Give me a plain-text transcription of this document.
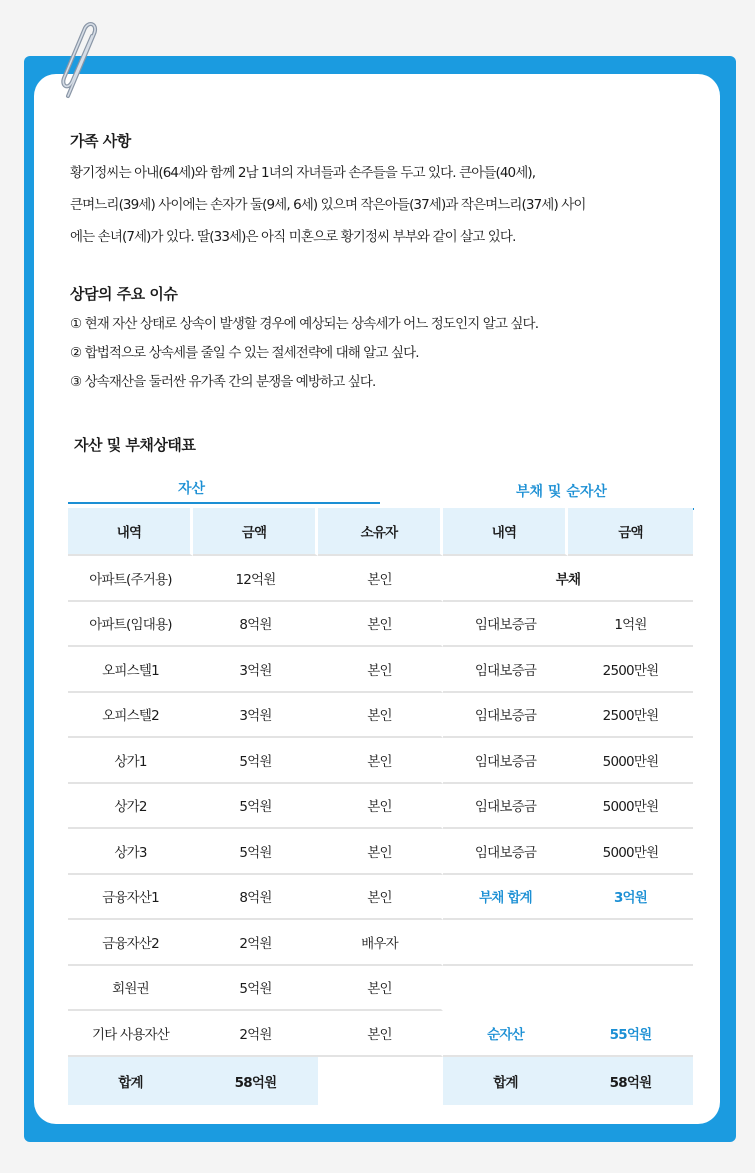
가족 사항

황기정씨는 아내(64세)와 함께 2남 1녀의 자녀들과 손주들을 두고 있다. 큰아들(40세),

큰며느리(39세) 사이에는 손자가 둘(9세, 6세) 있으며 작은아들(37세)과 작은며느리(37세) 사이

에는 손녀(7세)가 있다. 딸(33세)은 아직 미혼으로 황기정씨 부부와 같이 살고 있다.

상담의 주요 이슈
① 현재 자산 상태로 상속이 발생할 경우에 예상되는 상속세가 어느 정도인지 알고 싶다.
② 합법적으로 상속세를 줄일 수 있는 절세전략에 대해 알고 싶다.
③ 상속재산을 둘러싼 유가족 간의 분쟁을 예방하고 싶다.
자산 및 부채상태표
자산	부채 및 순자산
내역	금액	소유자	내역	금액
아파트(주거용)	12억원	본인	부채	
아파트(임대용)	8억원	본인	임대보증금	1억원
오피스텔1	3억원	본인	임대보증금	2500만원
오피스텔2	3억원	본인	임대보증금	2500만원
상가1	5억원	본인	임대보증금	5000만원
상가2	5억원	본인	임대보증금	5000만원
상가3	5억원	본인	임대보증금	5000만원
금융자산1	8억원	본인	부채 합계	3억원
금융자산2	2억원	배우자		
회원권	5억원	본인		
기타 사용자산	2억원	본인	순자산	55억원
합계	58억원		합계	58억원
